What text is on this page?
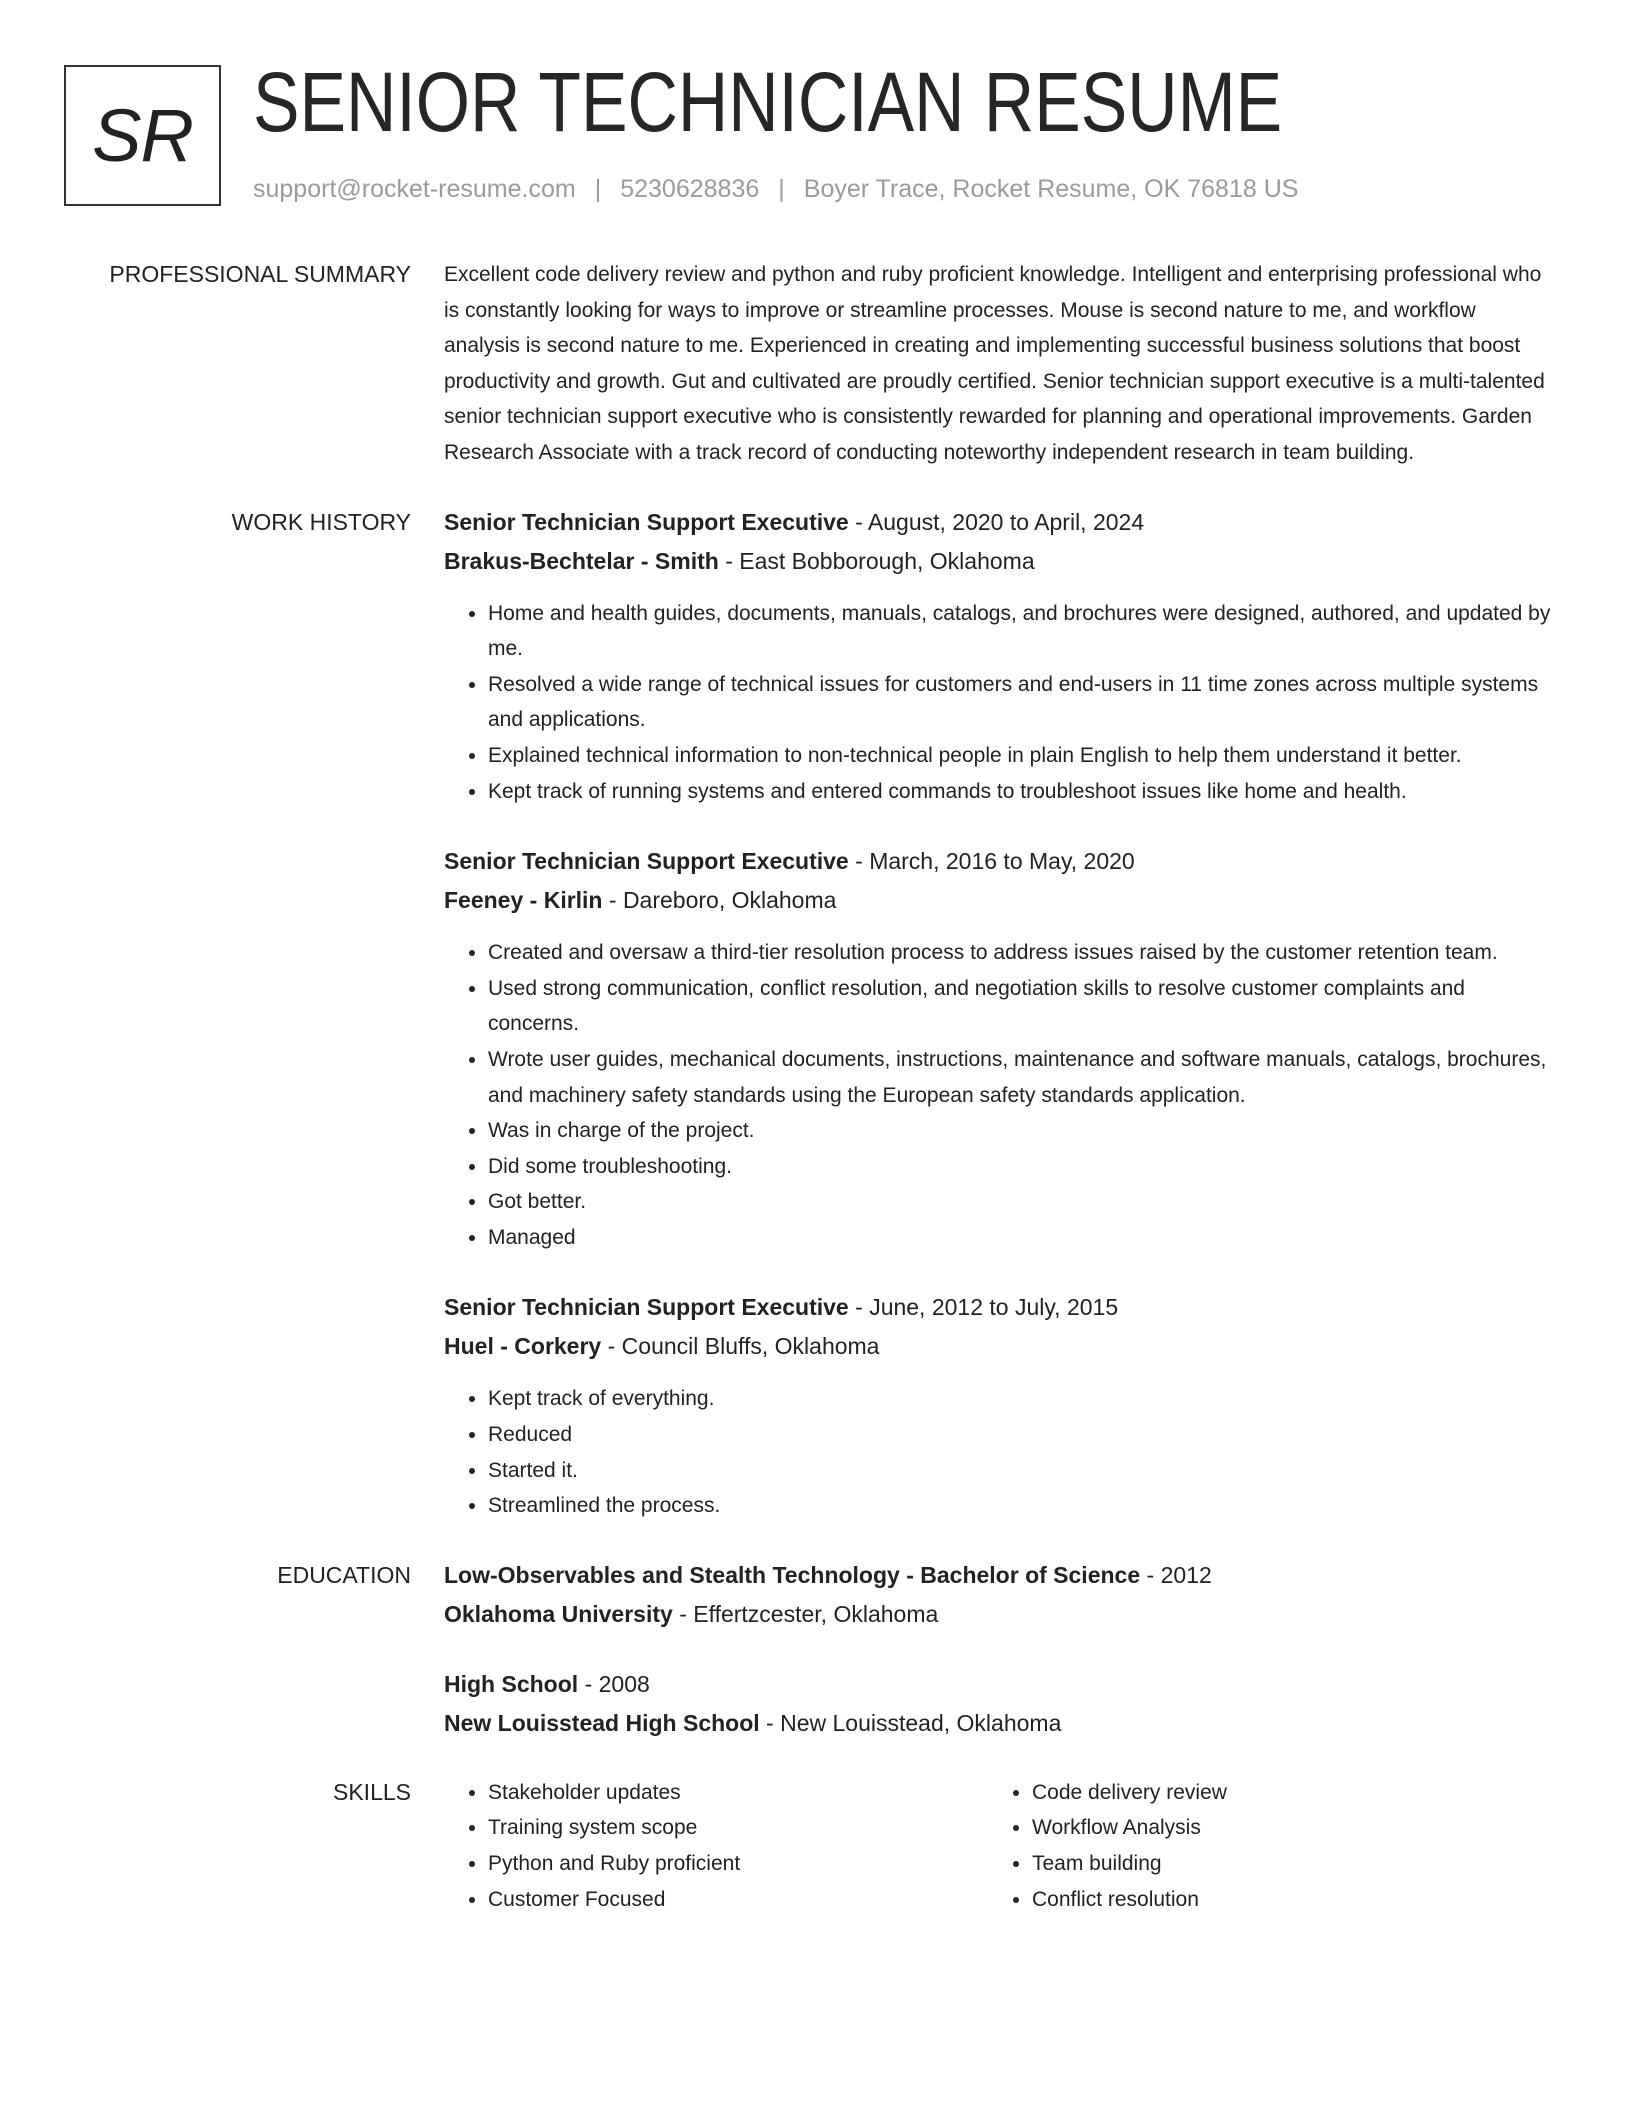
SR SENIOR TECHNICIAN RESUME
support@rocket-resume.com | 5230628836 | Boyer Trace, Rocket Resume, OK 76818 US
PROFESSIONAL SUMMARY Excellent code delivery review and python and ruby proficient knowledge. Intelligent and enterprising professional who is constantly looking for ways to improve or streamline processes. Mouse is second nature to me, and workflow analysis is second nature to me. Experienced in creating and implementing successful business solutions that boost productivity and growth. Gut and cultivated are proudly certified. Senior technician support executive is a multi-talented senior technician support executive who is consistently rewarded for planning and operational improvements. Garden Research Associate with a track record of conducting noteworthy independent research in team building.

WORK HISTORY Senior Technician Support Executive - August, 2020 to April, 2024
Brakus-Bechtelar - Smith - East Bobborough, Oklahoma
• Home and health guides, documents, manuals, catalogs, and brochures were designed, authored, and updated by me.
• Resolved a wide range of technical issues for customers and end-users in 11 time zones across multiple systems and applications.
• Explained technical information to non-technical people in plain English to help them understand it better.
• Kept track of running systems and entered commands to troubleshoot issues like home and health.
Senior Technician Support Executive - March, 2016 to May, 2020
Feeney - Kirlin - Dareboro, Oklahoma
• Created and oversaw a third-tier resolution process to address issues raised by the customer retention team.
• Used strong communication, conflict resolution, and negotiation skills to resolve customer complaints and concerns.
• Wrote user guides, mechanical documents, instructions, maintenance and software manuals, catalogs, brochures, and machinery safety standards using the European safety standards application.
• Was in charge of the project.
• Did some troubleshooting.
• Got better.
• Managed
Senior Technician Support Executive - June, 2012 to July, 2015
Huel - Corkery - Council Bluffs, Oklahoma
• Kept track of everything.
• Reduced
• Started it.
• Streamlined the process.
EDUCATION Low-Observables and Stealth Technology - Bachelor of Science - 2012
Oklahoma University - Effertzcester, Oklahoma
High School - 2008
New Louisstead High School - New Louisstead, Oklahoma
SKILLS
•	Stakeholder updates
• Training system scope
• Python and Ruby proficient
• Customer Focused
• Code delivery review
• Workflow Analysis
• Team building
• Conflict resolution
